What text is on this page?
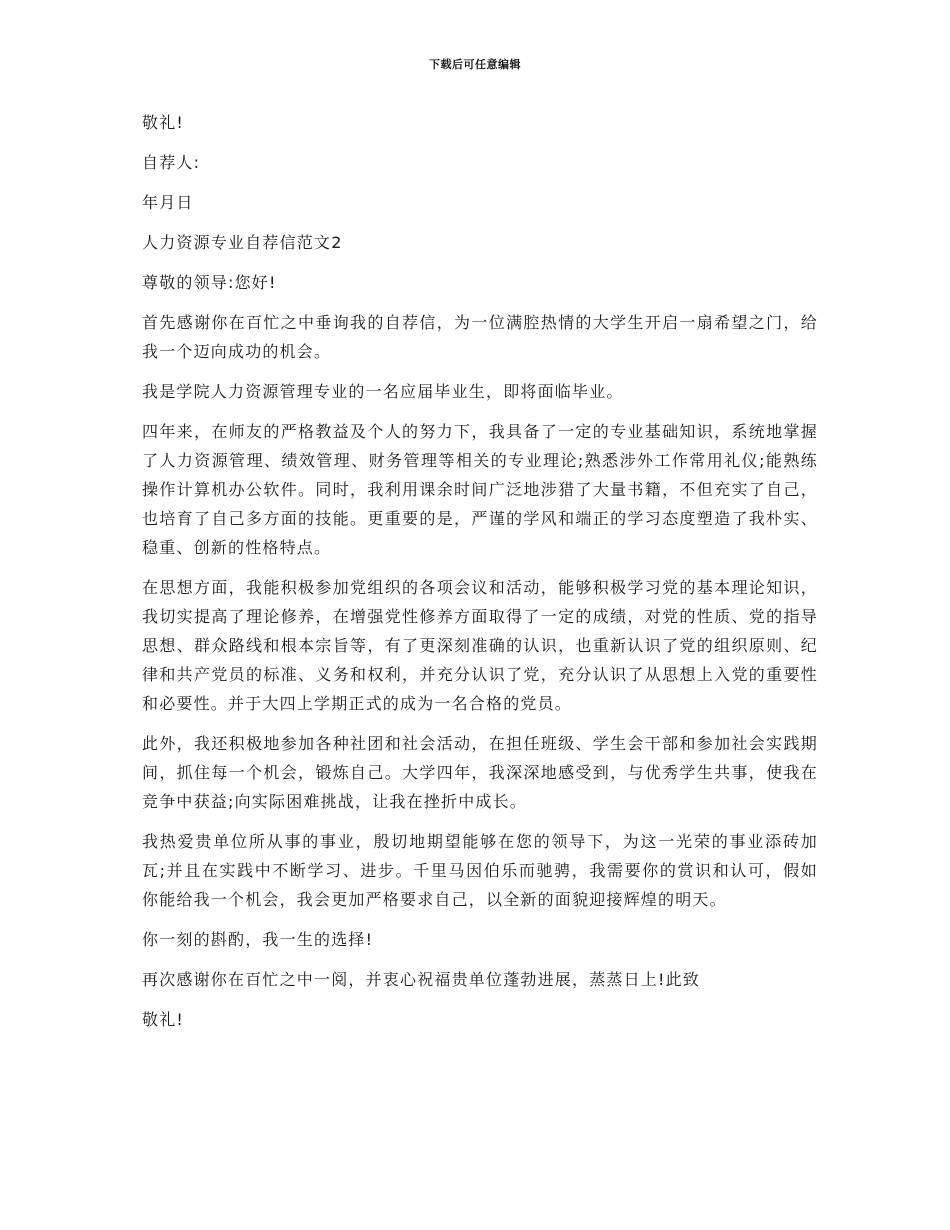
下载后可任意编辑

敬礼!

自荐人:

年月日

人力资源专业自荐信范文2

尊敬的领导:您好!

首先感谢你在百忙之中垂询我的自荐信，为一位满腔热情的大学生开启一扇希望之门，给我一个迈向成功的机会。

我是学院人力资源管理专业的一名应届毕业生，即将面临毕业。

四年来，在师友的严格教益及个人的努力下，我具备了一定的专业基础知识，系统地掌握了人力资源管理、绩效管理、财务管理等相关的专业理论;熟悉涉外工作常用礼仪;能熟练操作计算机办公软件。同时，我利用课余时间广泛地涉猎了大量书籍，不但充实了自己，也培育了自己多方面的技能。更重要的是，严谨的学风和端正的学习态度塑造了我朴实、稳重、创新的性格特点。

在思想方面，我能积极参加党组织的各项会议和活动，能够积极学习党的基本理论知识，我切实提高了理论修养，在增强党性修养方面取得了一定的成绩，对党的性质、党的指导思想、群众路线和根本宗旨等，有了更深刻准确的认识，也重新认识了党的组织原则、纪律和共产党员的标准、义务和权利，并充分认识了党，充分认识了从思想上入党的重要性和必要性。并于大四上学期正式的成为一名合格的党员。

此外，我还积极地参加各种社团和社会活动，在担任班级、学生会干部和参加社会实践期间，抓住每一个机会，锻炼自己。大学四年，我深深地感受到，与优秀学生共事，使我在竞争中获益;向实际困难挑战，让我在挫折中成长。

我热爱贵单位所从事的事业，殷切地期望能够在您的领导下，为这一光荣的事业添砖加瓦;并且在实践中不断学习、进步。千里马因伯乐而驰骋，我需要你的赏识和认可，假如你能给我一个机会，我会更加严格要求自己，以全新的面貌迎接辉煌的明天。

你一刻的斟酌，我一生的选择!

再次感谢你在百忙之中一阅，并衷心祝福贵单位蓬勃进展，蒸蒸日上!此致

敬礼!
